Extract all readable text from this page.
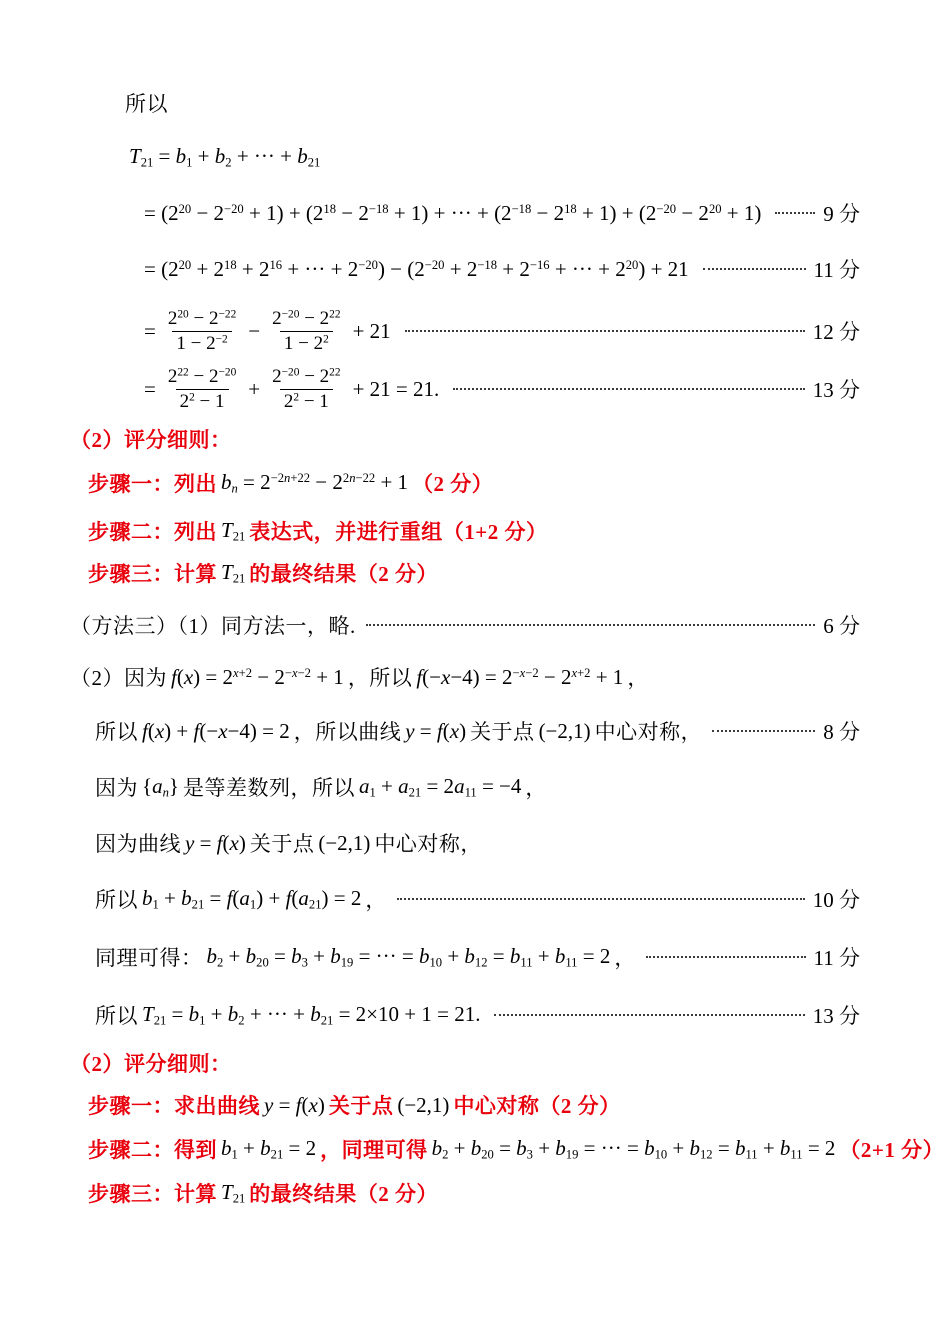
所以
$T_{21} = b_1 + b_2$ + ··· + $b_{21}$
= $(2^{20} - 2^{-20} + 1) + (2^{18} - 2^{-18} + 1)$ + ··· + $(2^{-18} - 2^{18} + 1) + (2^{-20} - 2^{20} + 1)$	9 分
= ($2^{20} + 2^{18} + 2^{16}$ + ··· + $2^{-20}) - (2^{-20} + 2^{-18} + 2^{-16}$ + ··· + $2^{20}) + 21$	11 分
= $\frac{2^{20} - 2^{-22}}{1 - 2^{-2}} - \frac{2^{-20} - 2^{22}}{1 - 2^2} + 21$	12 分
= $\frac{2^{22} - 2^{-20}}{2^2 - 1} + \frac{2^{-20} - 2^{22}}{2^2 - 1} + 21 = 21$.	13 分
（2）评分细则：
步骤一：列出 $b_n = 2^{-2n+22} - 2^{2n-22} + 1$ （2 分）
步骤二：列出 $T_{21}$ 表达式，并进行重组（1+2 分）
步骤三：计算 $T_{21}$ 的最终结果（2 分）
（方法三）（1）同方法一，略.	6 分
（2）因为 $f(x) = 2^{x+2} - 2^{-x-2} + 1$ ，所以 $f(-x-4) = 2^{-x-2} - 2^{x+2} + 1$ ，
所以 f(x) + f(−x−4) = 2 ，所以曲线 y = f(x) 关于点 (−2,1) 中心对称，	8 分
因为 $\{a_n\}$ 是等差数列，所以 $a_1 + a_{21} = 2a_{11} = -4$ ，
因为曲线 y = f(x) 关于点 (−2,1) 中心对称，
所以 $b_1 + b_{21} = f(a_1) + f(a_{21}) = 2$ ，	10 分
同理可得： $b_2 + b_{20} = b_3 + b_{19}$ = ··· = $b_{10} + b_{12} = b_{11} + b_{11} = 2$ ，	11 分
所以 $T_{21} = b_1 + b_2$ + ··· + $b_{21} = 2\times 10 + 1 = 21$.	13 分
（2）评分细则：
步骤一：求出曲线 y = f(x) 关于点 (−2,1) 中心对称（2 分）
步骤二：得到 $b_1 + b_{21} = 2$ ，同理可得 $b_2 + b_{20} = b_3 + b_{19}$ = ··· = $b_{10} + b_{12} = b_{11} + b_{11} = 2$ （2+1 分）
步骤三：计算 $T_{21}$ 的最终结果（2 分）
